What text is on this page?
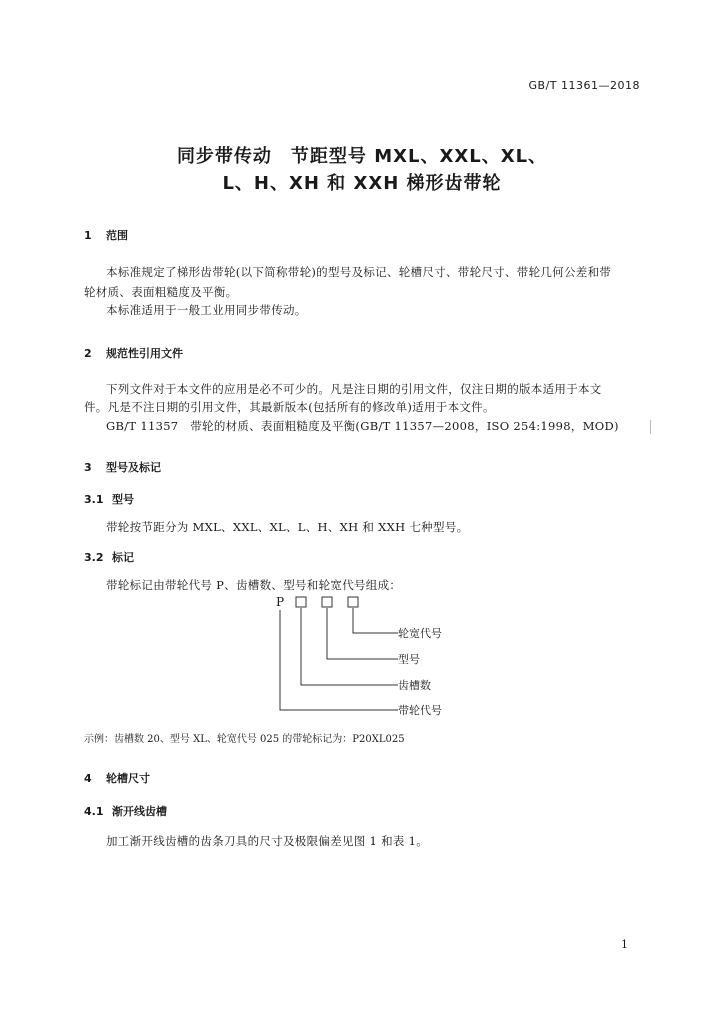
GB/T 11361—2018
同步带传动　节距型号 MXL、XXL、XL、
L、H、XH 和 XXH 梯形齿带轮
1 范围
本标准规定了梯形齿带轮(以下简称带轮)的型号及标记、轮槽尺寸、带轮尺寸、带轮几何公差和带
轮材质、表面粗糙度及平衡。
本标准适用于一般工业用同步带传动。
2 规范性引用文件
下列文件对于本文件的应用是必不可少的。凡是注日期的引用文件，仅注日期的版本适用于本文
件。凡是不注日期的引用文件，其最新版本(包括所有的修改单)适用于本文件。
GB/T 11357　带轮的材质、表面粗糙度及平衡(GB/T 11357—2008，ISO 254:1998，MOD)
3 型号及标记
3.1 型号
带轮按节距分为 MXL、XXL、XL、L、H、XH 和 XXH 七种型号。
3.2 标记
带轮标记由带轮代号 P、齿槽数、型号和轮宽代号组成：
P
轮宽代号
型号
齿槽数
带轮代号
示例：齿槽数 20、型号 XL、轮宽代号 025 的带轮标记为：P20XL025
4 轮槽尺寸
4.1 渐开线齿槽
加工渐开线齿槽的齿条刀具的尺寸及极限偏差见图 1 和表 1。
1
